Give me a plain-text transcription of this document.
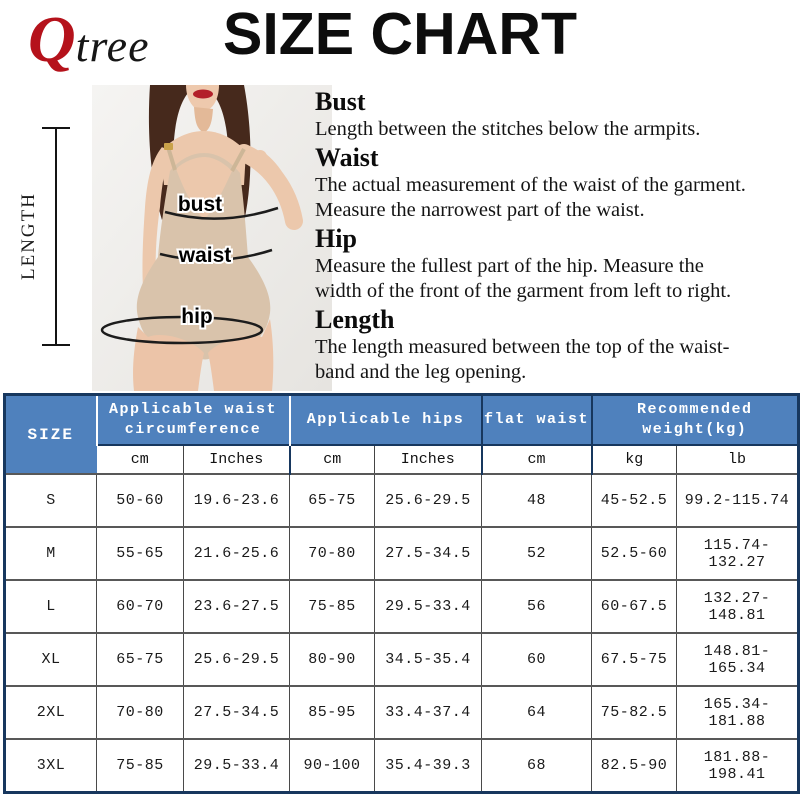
Q tree	SIZE CHART
LENGTH	bust
waist
hip
Bust

Length between the stitches below the armpits.

Waist

The actual measurement of the waist of the garment.

Measure the narrowest part of the waist.

Hip

Measure the fullest part of the hip. Measure the

width of the front of the garment from left to right.

Length

The length measured between the top of the waist-

band and the leg opening.

SIZE	Applicable waist circumference		Applicable hips		flat waist	Recommended weight(kg)	
	cm	Inches	cm	Inches	cm	kg	lb
S	50-60	19.6-23.6	65-75	25.6-29.5	48	45-52.5	99.2-115.74
M	55-65	21.6-25.6	70-80	27.5-34.5	52	52.5-60	115.74-132.27
L	60-70	23.6-27.5	75-85	29.5-33.4	56	60-67.5	132.27-148.81
XL	65-75	25.6-29.5	80-90	34.5-35.4	60	67.5-75	148.81-165.34
2XL	70-80	27.5-34.5	85-95	33.4-37.4	64	75-82.5	165.34-181.88
3XL	75-85	29.5-33.4	90-100	35.4-39.3	68	82.5-90	181.88-198.41
